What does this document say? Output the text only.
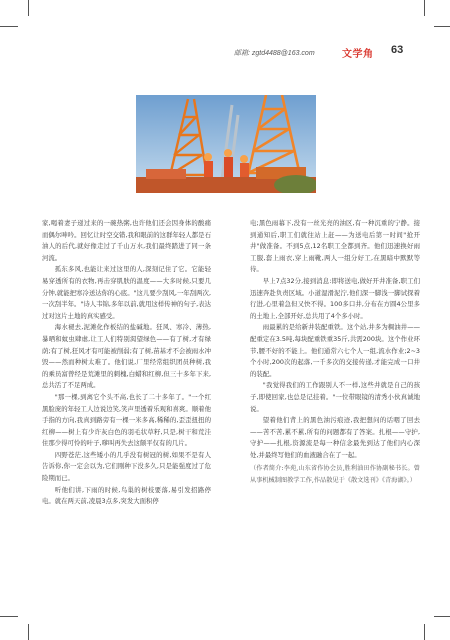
邮箱: zgtd4488@163.com	文学角 63

家,喝着妻子递过来的一碗热粥,也许他们还会因身体的酸痛而偶尔呻吟。回忆让时空交错,我和眼前的这群年轻人都是石油人的后代,就好像走过了千山万水,我们最终踏进了同一条河流。

孤东多风,也能让来过这里的人,深刻记住了它。它能轻易穿透所有的衣物,再击穿肌肤的温度——大多时候,只要几分钟,就能把寒冷送达你的心底。"这儿要少刮风,一年刮两次,一次刮半年。"诗人韦锦,多年以前,就用这样传神的句子,表达过对这片土地的真实感受。

海水褪去,泥滩化作板结的盐碱地。狂风、寒冷、薄热,暴晒和蚊虫肆虐,让工人们特别渴望绿色——有了树,才有绿荫;有了树,狂风才有可能被削弱;有了树,苗基才不会被雨水冲毁——然而种树太难了。他们说,厂里经常组织团员种树,我的乘员富曾经是荒滩里的刺槐,白蜡和红柳,但三十多年下来,总共活了不足两成。

"那一棵,到离它个头不高,也长了二十多年了。"一个红黑脸庞的年轻工人边说边笑,笑声里透着乐观和喜爽。顺着他手指的方向,我真到路旁有一棵一米多高,稀稀的,歪歪扭扭的红柳——树上有少许灰白色的羽毛状草籽,只是,树干和荒洼住那少得可怜的叶子,嗲叫再失去这颇平仅有的几片。

四野苍茫,这些矮小的几乎没有树冠的树,如果不是有人告诉你,你一定会以为,它们刚种下没多久,只是能强度过了危险期而已。

听他们讲,下雨的时候,鸟巢的树枝要落,易引发招路停电。就在两天前,凌晨3点多,突发大面积停

电;黑色雨幕下,没有一丝光亮的油区,有一种沉重的宁静。接到通知后,职工们就往站上赶——为送电后第一时间"抢开井"做准备。不到5点,12名职工全都到齐。他们迅速换好雨工服,套上雨衣,穿上雨靴,两人一组分好工,在黑暗中默默等待。

早上7点32分,接到消息:即将送电,做好开井准备,职工们迅速奔赴负责区域。小道湿滑泥泞,他们深一脚浅一脚试探着行进,心里着急但又快不得。100多口井,分布在方圆4公里多的土地上,全部开好,总共用了4个多小时。

雨最累的是给新井装配重铁。这个站,井多为稠油井——配重定在3.5吨,每块配重铁重35斤,共需200块。这个作业环节,腰不好的不能上。他们通常六七个人一组,流水作业;2~3个小时,200次的起落,一千多次的交接传递,才能完成一口井的装配。

"我觉得我们的工作跟别人不一样,这些井就是自己的孩子,即使回家,也总是记挂着。"一位带眼镜的清秀小伙真诚地说。

望着他们背上的黑色油污痕迹,我把想问的话咽了回去——苦不苦,累不累,所有的问题都有了答案。扎根——守护,守护——扎根,资源流是每一种信念最先到达了他们内心深处,并最终写他们的血液融合在了一起。

（作者简介:李苑,山东省作协会员,胜利油田作协副秘书长。曾从事机械制图教学工作,作品散见于《散文选刊》《青海湖》。）
